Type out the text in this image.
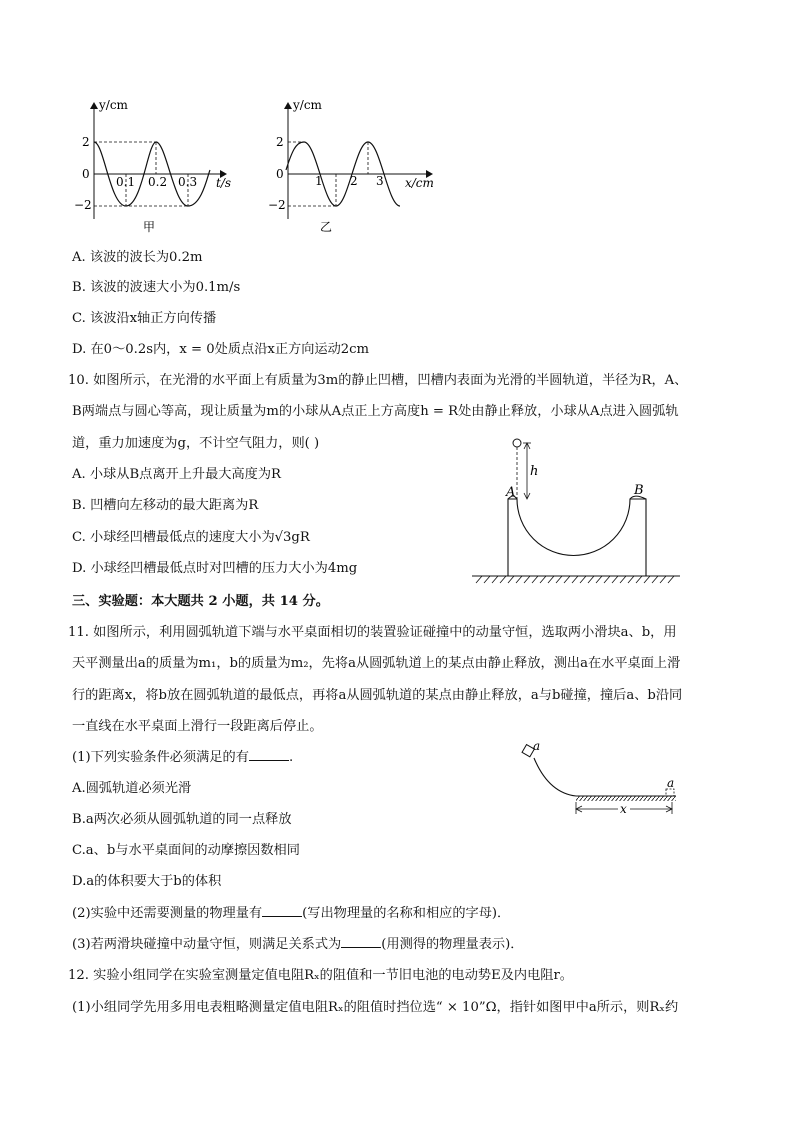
y/cm
2
0
−2
0.1 0.2 0.3 t/s
甲
y/cm
2
0
−2
1 2 3 x/cm
乙
A. 该波的波长为0.2m
B. 该波的波速大小为0.1m/s
C. 该波沿x轴正方向传播
D. 在0～0.2s内，x = 0处质点沿x正方向运动2cm
10. 如图所示，在光滑的水平面上有质量为3m的静止凹槽，凹槽内表面为光滑的半圆轨道，半径为R，A、
B两端点与圆心等高，现让质量为m的小球从A点正上方高度h = R处由静止释放，小球从A点进入圆弧轨
道，重力加速度为g，不计空气阻力，则( )
A. 小球从B点离开上升最大高度为R
B. 凹槽向左移动的最大距离为R
C. 小球经凹槽最低点的速度大小为√3gR
D. 小球经凹槽最低点时对凹槽的压力大小为4mg
h
A	B
三、实验题：本大题共 2 小题，共 14 分。
11. 如图所示，利用圆弧轨道下端与水平桌面相切的装置验证碰撞中的动量守恒，选取两小滑块a、b，用
天平测量出a的质量为m₁，b的质量为m₂，先将a从圆弧轨道上的某点由静止释放，测出a在水平桌面上滑
行的距离x，将b放在圆弧轨道的最低点，再将a从圆弧轨道的某点由静止释放，a与b碰撞，撞后a、b沿同
一直线在水平桌面上滑行一段距离后停止。
(1)下列实验条件必须满足的有	.
A.圆弧轨道必须光滑
B.a两次必须从圆弧轨道的同一点释放
C.a、b与水平桌面间的动摩擦因数相同
D.a的体积要大于b的体积
(2)实验中还需要测量的物理量有	(写出物理量的名称和相应的字母)．
(3)若两滑块碰撞中动量守恒，则满足关系式为	(用测得的物理量表示)．
a
a
x
12. 实验小组同学在实验室测量定值电阻Rₓ的阻值和一节旧电池的电动势E及内电阻r。
(1)小组同学先用多用电表粗略测量定值电阻Rₓ的阻值时挡位选“ × 10”Ω，指针如图甲中a所示，则Rₓ约
